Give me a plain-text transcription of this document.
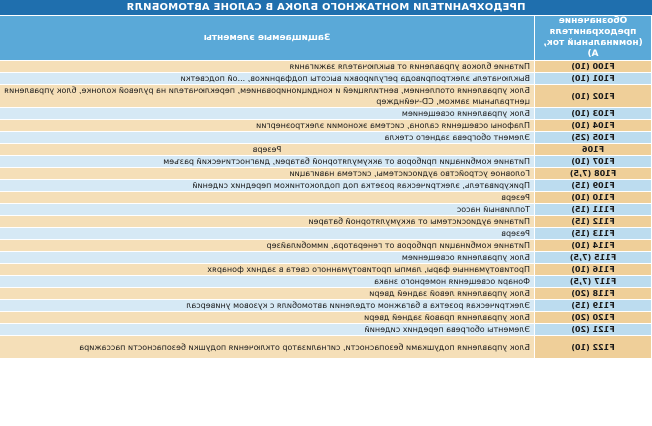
ПРЕДОХРАНИТЕЛИ МОНТАЖНОГО БЛОКА В САЛОНЕ АВТОМОБИЛЯ
Обозначение предохранителя (номинальный ток, А)	Защищаемые элементы
F100 (10)	Питание блоков управления от выключателя зажигания
F101 (10)	Выключатель электропривода регулировки высоты подфарников, ...ой подсветки
F102 (10)	Блок управления отоплением, вентиляцией и кондиционированием, переключатели на рулевой колонке, блок управления центральным замком, CD-чейнджер
F103 (10)	Блок управления освещением
F104 (10)	Плафоны освещения салона, система экономии электроэнергии
F105 (25)	Элемент обогрева заднего стекла
F106	Резерв
F107 (10)	Питание комбинации приборов от аккумуляторной батареи, диагностический разъем
F108 (7,5)	Головное устройство аудиосистемы, система навигации
F109 (15)	Прикуриватель, электрическая розетка под подлокотником передних сидений
F110 (10)	Резерв
F111 (15)	Топливный насос
F112 (15)	Питание аудиосистемы от аккумуляторной батареи
F113 (15)	Резерв
F114 (10)	Питание комбинации приборов от генератора, иммобилайзер
F115 (7,5)	Блок управления освещением
F116 (10)	Противотуманные фары, лампы противотуманного света в задних фонарях
F117 (7,5)	Фонари освещения номерного знака
F118 (20)	Блок управления левой задней двери
F119 (15)	Электрическая розетка в багажном отделении автомобиля с кузовом универсал
F120 (20)	Блок управления правой задней двери
F121 (20)	Элементы обогрева передних сидений
F122 (10)	Блок управления подушками безопасности, сигнализатор отключения подушки безопасности пассажира
